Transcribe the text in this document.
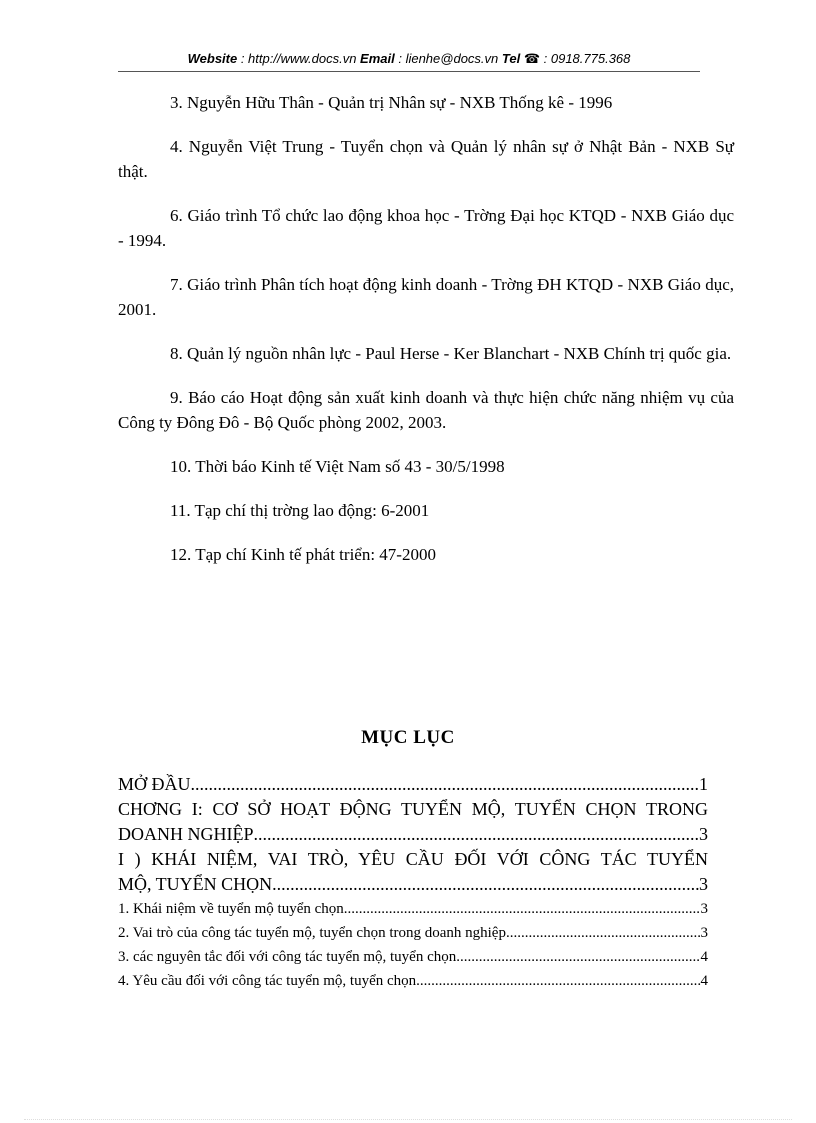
Website : http://www.docs.vn Email : lienhe@docs.vn Tel ☎ : 0918.775.368

3. Nguyễn Hữu Thân - Quản trị Nhân sự - NXB Thống kê - 1996

4. Nguyễn Việt Trung - Tuyển chọn và Quản lý nhân sự ở Nhật Bản - NXB Sự thật.

6. Giáo trình Tổ chức lao động khoa học - Trờng Đại học KTQD - NXB Giáo dục - 1994.

7. Giáo trình Phân tích hoạt động kinh doanh - Trờng ĐH KTQD - NXB Giáo dục, 2001.

8. Quản lý nguồn nhân lực - Paul Herse - Ker Blanchart - NXB Chính trị quốc gia.

9. Báo cáo Hoạt động sản xuất kinh doanh và thực hiện chức năng nhiệm vụ của Công ty Đông Đô - Bộ Quốc phòng 2002, 2003.

10. Thời báo Kinh tế Việt Nam số 43 - 30/5/1998

11. Tạp chí thị trờng lao động: 6-2001

12. Tạp chí Kinh tế phát triển: 47-2000

MỤC LỤC
MỞ ĐẦU .....	1
CHƠNG I: CƠ SỞ HOẠT ĐỘNG TUYỂN MỘ, TUYỂN CHỌN TRONG
DOANH NGHIỆP .....	3
I ) KHÁI NIỆM, VAI TRÒ, YÊU CẦU ĐỐI VỚI CÔNG TÁC TUYỂN
MỘ, TUYỂN CHỌN .....	3
1. Khái niệm về tuyển mộ tuyển chọn .....	3
2. Vai trò của công tác tuyển mộ, tuyển chọn trong doanh nghiệp .....	3
3. các nguyên tắc đối với công tác tuyển mộ, tuyển chọn .....	4
4. Yêu cầu đối với công tác tuyển mộ, tuyển chọn .....	4
